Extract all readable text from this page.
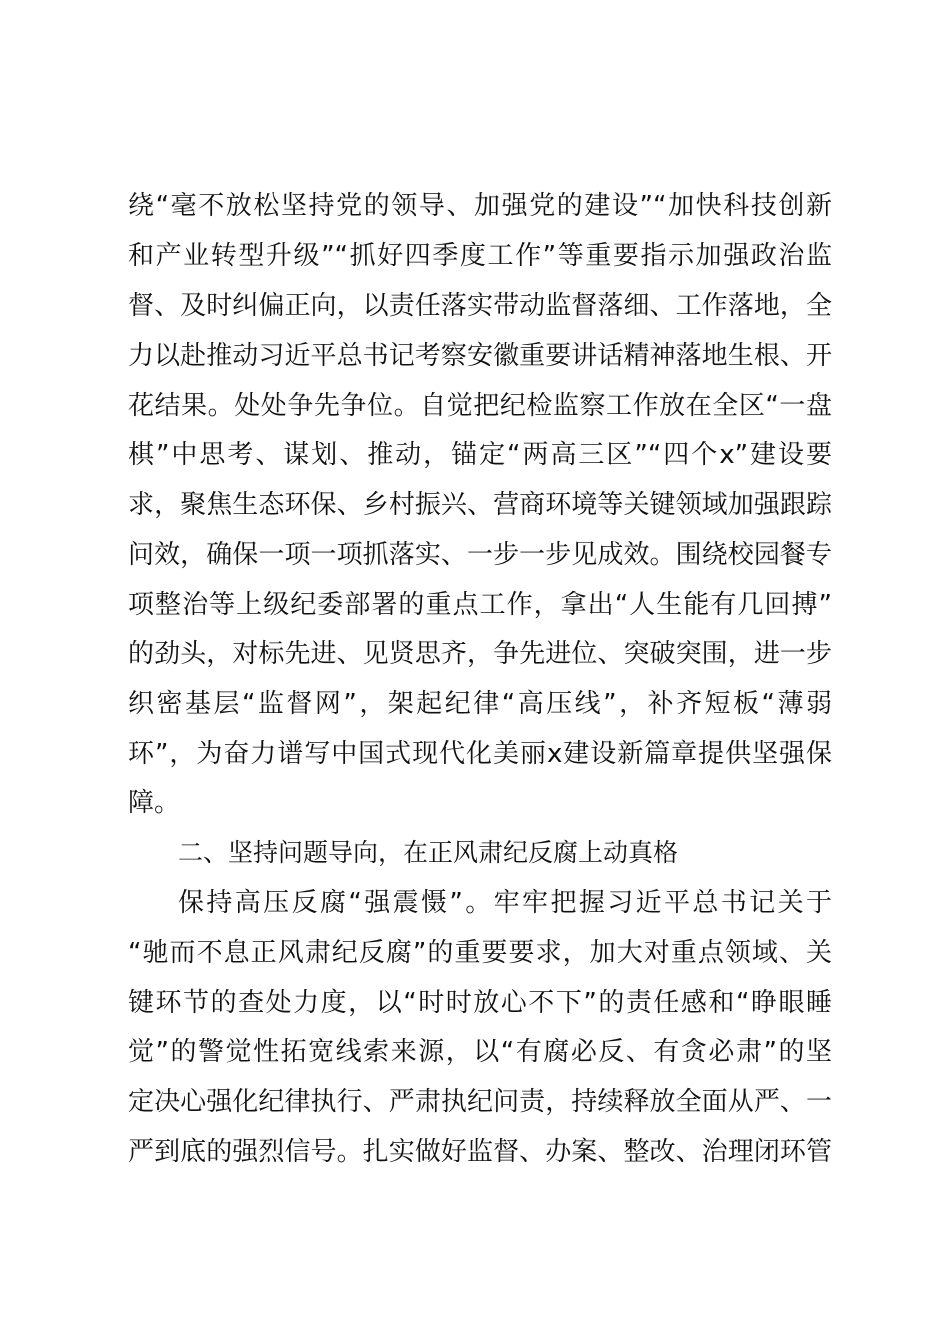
绕“毫不放松坚持党的领导、加强党的建设”“加快科技创新

和产业转型升级”“抓好四季度工作”等重要指示加强政治监

督、及时纠偏正向，以责任落实带动监督落细、工作落地，全

力以赴推动习近平总书记考察安徽重要讲话精神落地生根、开

花结果。处处争先争位。自觉把纪检监察工作放在全区“一盘

棋”中思考、谋划、推动，锚定“两高三区”“四个x”建设要

求，聚焦生态环保、乡村振兴、营商环境等关键领域加强跟踪

问效，确保一项一项抓落实、一步一步见成效。围绕校园餐专

项整治等上级纪委部署的重点工作，拿出“人生能有几回搏”

的劲头，对标先进、见贤思齐，争先进位、突破突围，进一步

织密基层“监督网”，架起纪律“高压线”，补齐短板“薄弱

环”，为奋力谱写中国式现代化美丽x建设新篇章提供坚强保

障。

二、坚持问题导向，在正风肃纪反腐上动真格

保持高压反腐“强震慑”。牢牢把握习近平总书记关于

“驰而不息正风肃纪反腐”的重要要求，加大对重点领域、关

键环节的查处力度，以“时时放心不下”的责任感和“睁眼睡

觉”的警觉性拓宽线索来源，以“有腐必反、有贪必肃”的坚

定决心强化纪律执行、严肃执纪问责，持续释放全面从严、一

严到底的强烈信号。扎实做好监督、办案、整改、治理闭环管
